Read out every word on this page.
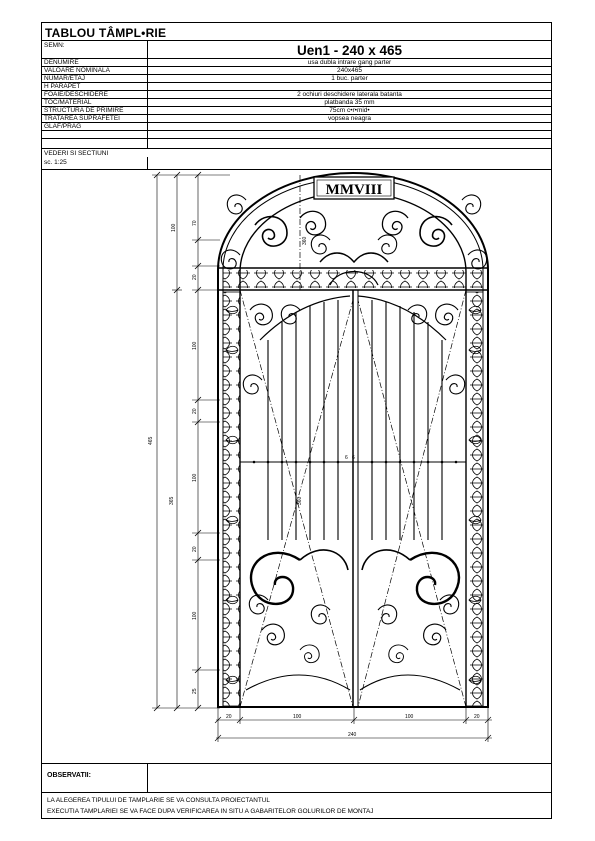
TABLOU TÂMPL•RIE
SEMN:	Uen1 - 240 x 465
DENUMIRE	usa dubla intrare gang parter
VALOARE NOMINALA	240x465
NUMAR/ETAJ	1 buc. parter
H PARAPET
FOAIE/DESCHIDERE	2 ochiuri deschidere laterala batanta
TOC/MATERIAL	platbanda 35 mm
STRUCTURA DE PRIMIRE	75cm c•r•mid•
TRATAREA SUPRAFETEI	vopsea neagra
GLAF/PRAG
VEDERI SI SECTIUNI
sc. 1:25
OBSERVATII:
LA ALEGEREA TIPULUI DE TAMPLARIE SE VA CONSULTA PROIECTANTUL
EXECUTIA TAMPLARIEI SE VA FACE DUPA VERIFICAREA IN SITU A GABARITELOR GOLURILOR DE MONTAJ
465
365
100
70
20
100
20
100
20
100
25
20	100	100	20
240
MMVIII
6 6
360
360
